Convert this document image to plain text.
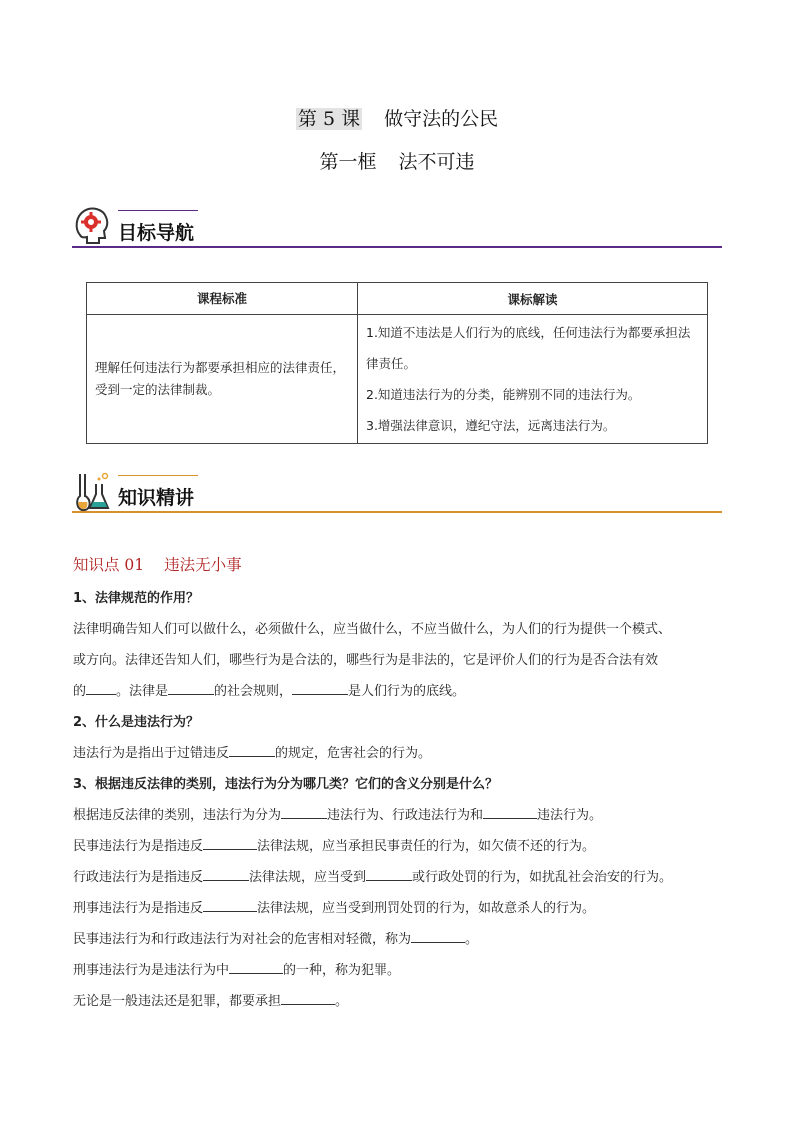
第 5 课 做守法的公民
第一框 法不可违
目标导航
课程标准	课标解读
理解任何违法行为都要承担相应的法律责任，受到一定的法律制裁。	1.知道不违法是人们行为的底线，任何违法行为都要承担法律责任。

2.知道违法行为的分类，能辨别不同的违法行为。

3.增强法律意识，遵纪守法，远离违法行为。

知识精讲
知识点 01 违法无小事

1、法律规范的作用？

法律明确告知人们可以做什么，必须做什么，应当做什么，不应当做什么，为人们的行为提供一个模式、

或方向。法律还告知人们，哪些行为是合法的，哪些行为是非法的，它是评价人们的行为是否合法有效

的 。法律是	的社会规则，	是人们行为的底线。

2、什么是违法行为？

违法行为是指出于过错违反	的规定，危害社会的行为。

3、根据违反法律的类别，违法行为分为哪几类？它们的含义分别是什么？

根据违反法律的类别，违法行为分为	违法行为、行政违法行为和	违法行为。

民事违法行为是指违反	法律法规，应当承担民事责任的行为，如欠债不还的行为。

行政违法行为是指违反	法律法规，应当受到	或行政处罚的行为，如扰乱社会治安的行为。

刑事违法行为是指违反	法律法规，应当受到刑罚处罚的行为，如故意杀人的行为。

民事违法行为和行政违法行为对社会的危害相对轻微，称为	。

刑事违法行为是违法行为中	的一种，称为犯罪。

无论是一般违法还是犯罪，都要承担	。
